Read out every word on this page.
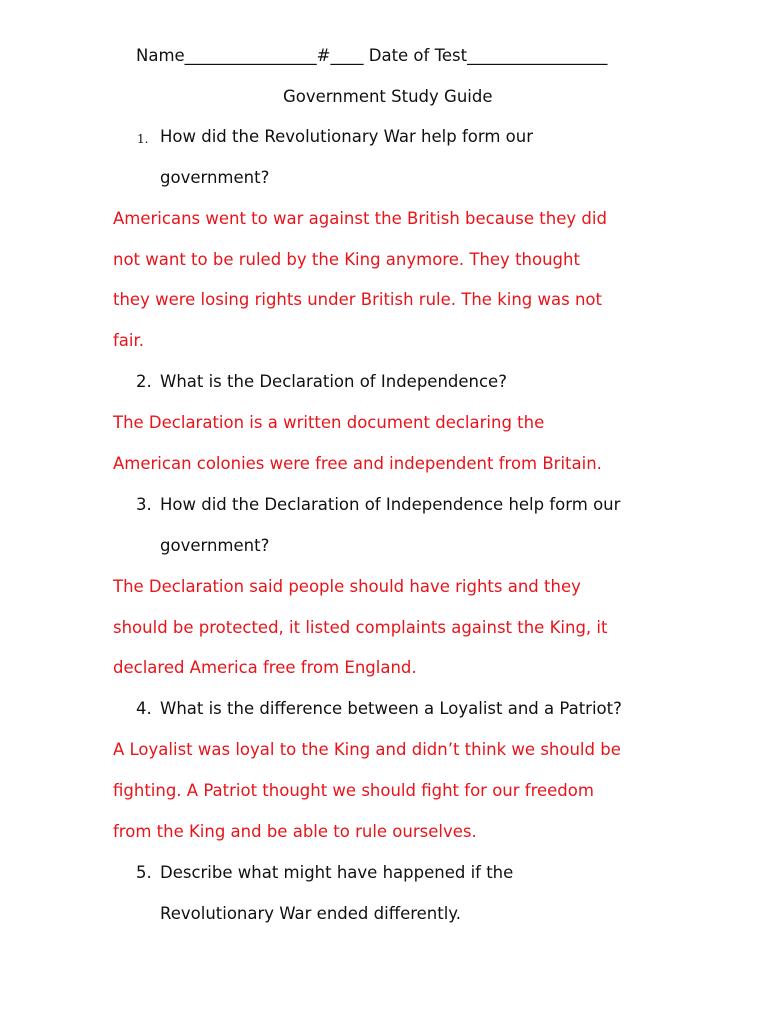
Name________________#____ Date of Test_________________
Government Study Guide
1. How did the Revolutionary War help form our
government?
Americans went to war against the British because they did
not want to be ruled by the King anymore. They thought
they were losing rights under British rule. The king was not
fair.
2. What is the Declaration of Independence?
The Declaration is a written document declaring the
American colonies were free and independent from Britain.
3. How did the Declaration of Independence help form our
government?
The Declaration said people should have rights and they
should be protected, it listed complaints against the King, it
declared America free from England.
4. What is the difference between a Loyalist and a Patriot?
A Loyalist was loyal to the King and didn’t think we should be
fighting. A Patriot thought we should fight for our freedom
from the King and be able to rule ourselves.
5. Describe what might have happened if the
Revolutionary War ended differently.
